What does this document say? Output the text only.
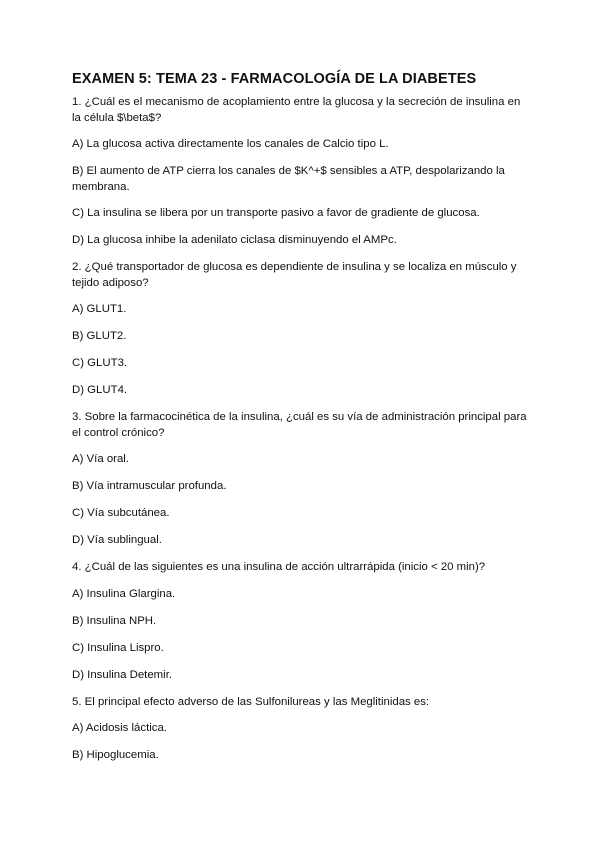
EXAMEN 5: TEMA 23 - FARMACOLOGÍA DE LA DIABETES

1. ¿Cuál es el mecanismo de acoplamiento entre la glucosa y la secreción de insulina en la célula $\beta$?

A) La glucosa activa directamente los canales de Calcio tipo L.

B) El aumento de ATP cierra los canales de $K^+$ sensibles a ATP, despolarizando la membrana.

C) La insulina se libera por un transporte pasivo a favor de gradiente de glucosa.

D) La glucosa inhibe la adenilato ciclasa disminuyendo el AMPc.

2. ¿Qué transportador de glucosa es dependiente de insulina y se localiza en músculo y tejido adiposo?

A) GLUT1.

B) GLUT2.

C) GLUT3.

D) GLUT4.

3. Sobre la farmacocinética de la insulina, ¿cuál es su vía de administración principal para el control crónico?

A) Vía oral.

B) Vía intramuscular profunda.

C) Vía subcutánea.

D) Vía sublingual.

4. ¿Cuál de las siguientes es una insulina de acción ultrarrápida (inicio < 20 min)?

A) Insulina Glargina.

B) Insulina NPH.

C) Insulina Lispro.

D) Insulina Detemir.

5. El principal efecto adverso de las Sulfonilureas y las Meglitinidas es:

A) Acidosis láctica.

B) Hipoglucemia.
